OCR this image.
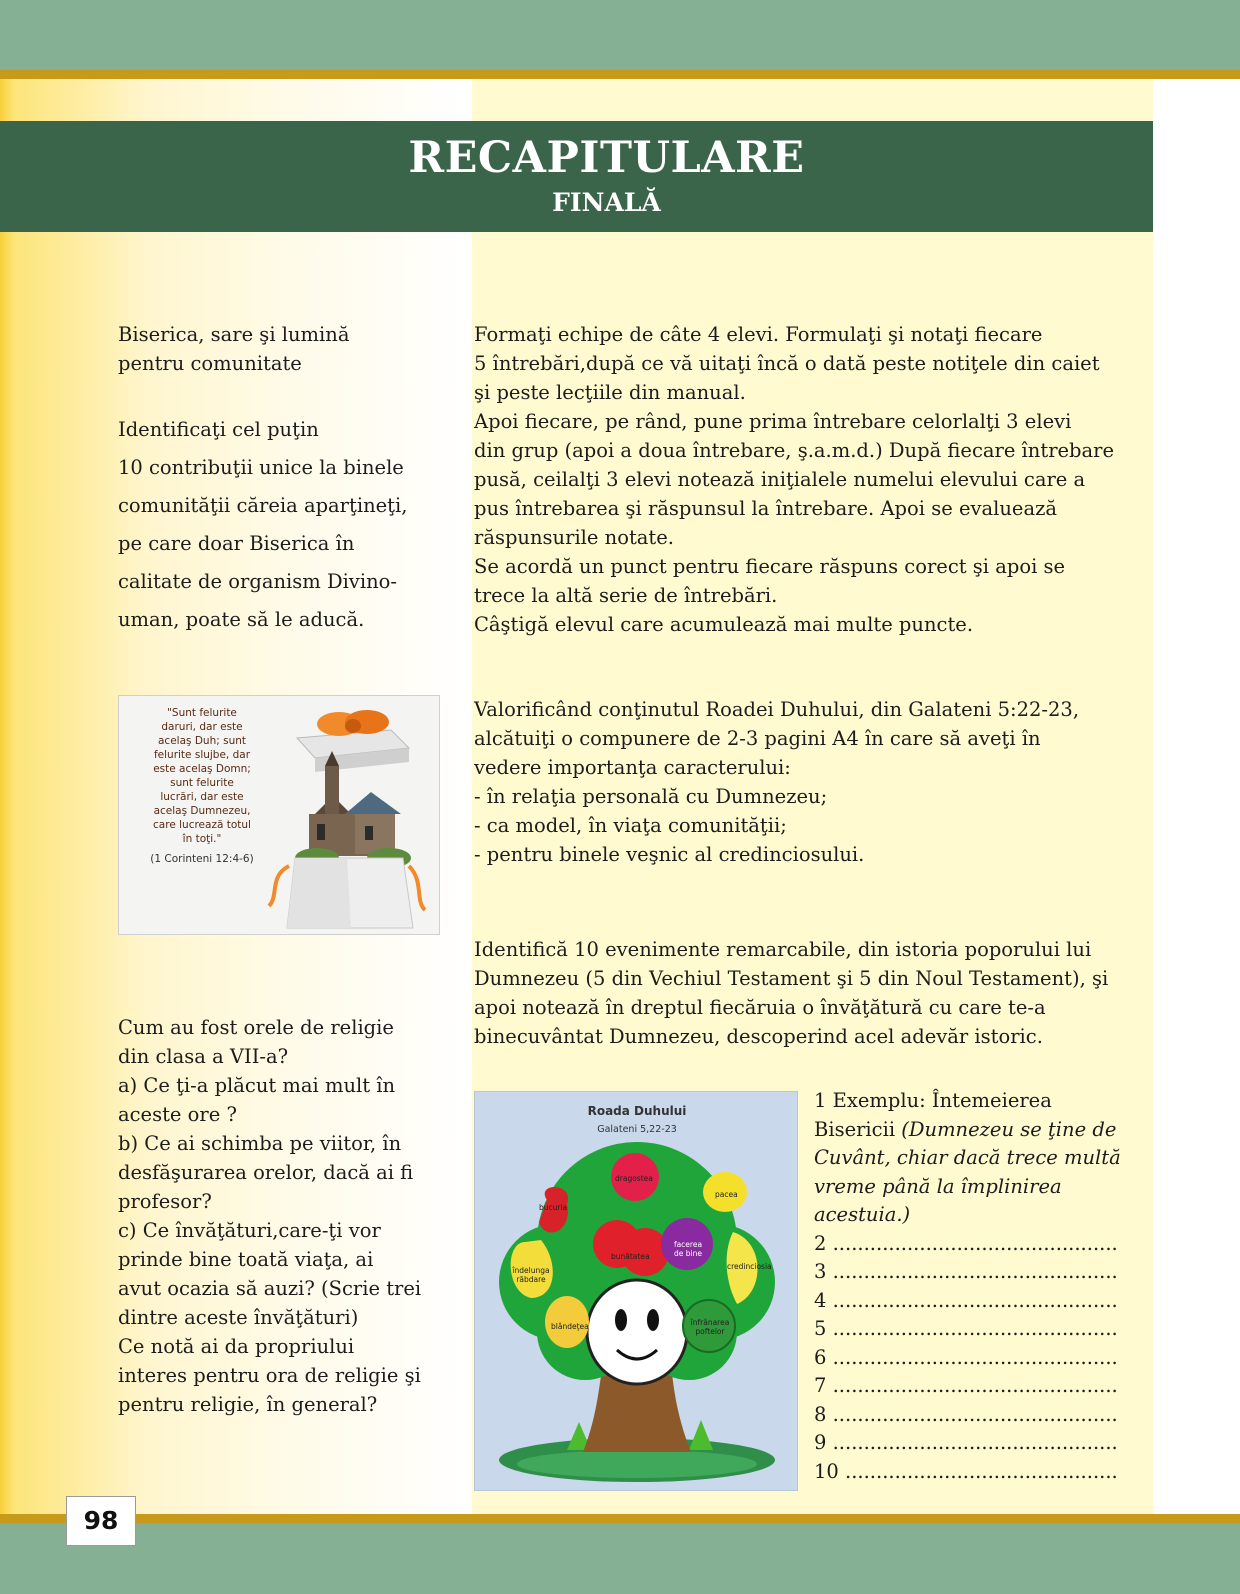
RECAPITULARE
FINALĂ

Biserica, sare şi lumină

pentru comunitate

Identificaţi cel puţin

10 contribuţii unice la binele

comunităţii căreia aparţineţi,

pe care doar Biserica în

calitate de organism Divino-

uman, poate să le aducă.

"Sunt felurite
daruri, dar este
acelaş Duh; sunt
felurite slujbe, dar
este acelaş Domn;
sunt felurite
lucrări, dar este
acelaş Dumnezeu,
care lucrează totul
în toţi."
(1 Corinteni 12:4-6)

Cum au fost orele de religie

din clasa a VII-a?

a) Ce ţi-a plăcut mai mult în

aceste ore ?

b) Ce ai schimba pe viitor, în

desfăşurarea orelor, dacă ai fi

profesor?

c) Ce învăţături,care-ţi vor

prinde bine toată viaţa, ai

avut ocazia să auzi? (Scrie trei

dintre aceste învăţături)

Ce notă ai da propriului

interes pentru ora de religie şi

pentru religie, în general?

Formaţi echipe de câte 4 elevi. Formulaţi şi notaţi fiecare

5 întrebări,după ce vă uitaţi încă o dată peste notiţele din caiet

şi peste lecţiile din manual.

Apoi fiecare, pe rând, pune prima întrebare celorlalţi 3 elevi

din grup (apoi a doua întrebare, ş.a.m.d.) După fiecare întrebare

pusă, ceilalţi 3 elevi notează iniţialele numelui elevului care a

pus întrebarea şi răspunsul la întrebare. Apoi se evaluează

răspunsurile notate.

Se acordă un punct pentru fiecare răspuns corect şi apoi se

trece la altă serie de întrebări.

Câştigă elevul care acumulează mai multe puncte.

Valorificând conţinutul Roadei Duhului, din Galateni 5:22-23,

alcătuiţi o compunere de 2-3 pagini A4 în care să aveţi în

vedere importanţa caracterului:

- în relaţia personală cu Dumnezeu;

- ca model, în viaţa comunităţii;

- pentru binele veşnic al credinciosului.

Identifică 10 evenimente remarcabile, din istoria poporului lui

Dumnezeu (5 din Vechiul Testament şi 5 din Noul Testament), şi

apoi notează în dreptul fiecăruia o învăţătură cu care te-a

binecuvântat Dumnezeu, descoperind acel adevăr istoric.

Roada Duhului
Galateni 5,22-23
dragostea
bucuria
pacea
îndelunga răbdare
bunătatea
facerea de bine
credinciosia
blândeţea	înfrânarea poftelor
1 Exemplu: Întemeierea
Bisericii (Dumnezeu se ţine de
Cuvânt, chiar dacă trece multă
vreme până la împlinirea
acestuia.)
2 ..............................................
3 ..............................................
4 ..............................................
5 ..............................................
6 ..............................................
7 ..............................................
8 ..............................................
9 ..............................................
10 ............................................
98
